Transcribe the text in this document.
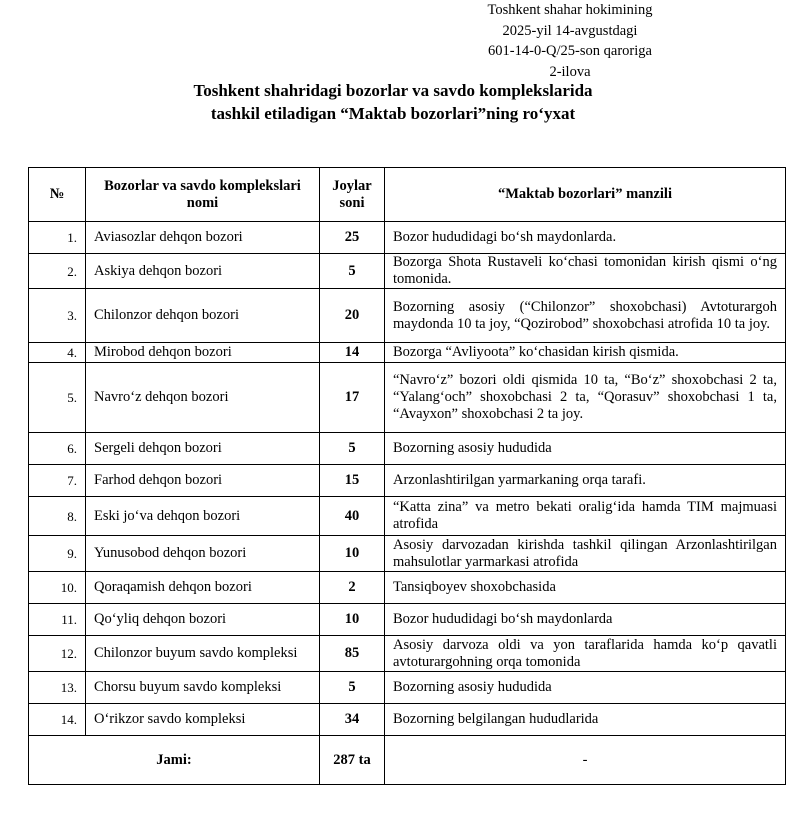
Toshkent shahar hokimining
2025-yil 14-avgustdagi
601-14-0-Q/25-son qaroriga
2-ilova
Toshkent shahridagi bozorlar va savdo komplekslarida
tashkil etiladigan “Maktab bozorlari”ning ro‘yxat
№	Bozorlar va savdo komplekslari nomi	Joylar soni	“Maktab bozorlari” manzili
1.	Aviasozlar dehqon bozori	25	Bozor hududidagi bo‘sh maydonlarda.
2.	Askiya dehqon bozori	5	Bozorga Shota Rustaveli ko‘chasi tomonidan kirish qismi o‘ng tomonida.
3.	Chilonzor dehqon bozori	20	Bozorning asosiy (“Chilonzor” shoxobchasi) Avtoturargoh maydonda 10 ta joy, “Qozirobod” shoxobchasi atrofida 10 ta joy.
4.	Mirobod dehqon bozori	14	Bozorga “Avliyoota” ko‘chasidan kirish qismida.
5.	Navro‘z dehqon bozori	17	“Navro‘z” bozori oldi qismida 10 ta, “Bo‘z” shoxobchasi 2 ta, “Yalang‘och” shoxobchasi 2 ta, “Qorasuv” shoxobchasi 1 ta, “Avayxon” shoxobchasi 2 ta joy.
6.	Sergeli dehqon bozori	5	Bozorning asosiy hududida
7.	Farhod dehqon bozori	15	Arzonlashtirilgan yarmarkaning orqa tarafi.
8.	Eski jo‘va dehqon bozori	40	“Katta zina” va metro bekati oralig‘ida hamda TIM majmuasi atrofida
9.	Yunusobod dehqon bozori	10	Asosiy darvozadan kirishda tashkil qilingan Arzonlashtirilgan mahsulotlar yarmarkasi atrofida
10.	Qoraqamish dehqon bozori	2	Tansiqboyev shoxobchasida
11.	Qo‘yliq dehqon bozori	10	Bozor hududidagi bo‘sh maydonlarda
12.	Chilonzor buyum savdo kompleksi	85	Asosiy darvoza oldi va yon taraflarida hamda ko‘p qavatli avtoturargohning orqa tomonida
13.	Chorsu buyum savdo kompleksi	5	Bozorning asosiy hududida
14.	O‘rikzor savdo kompleksi	34	Bozorning belgilangan hududlarida
Jami:		287 ta	-
